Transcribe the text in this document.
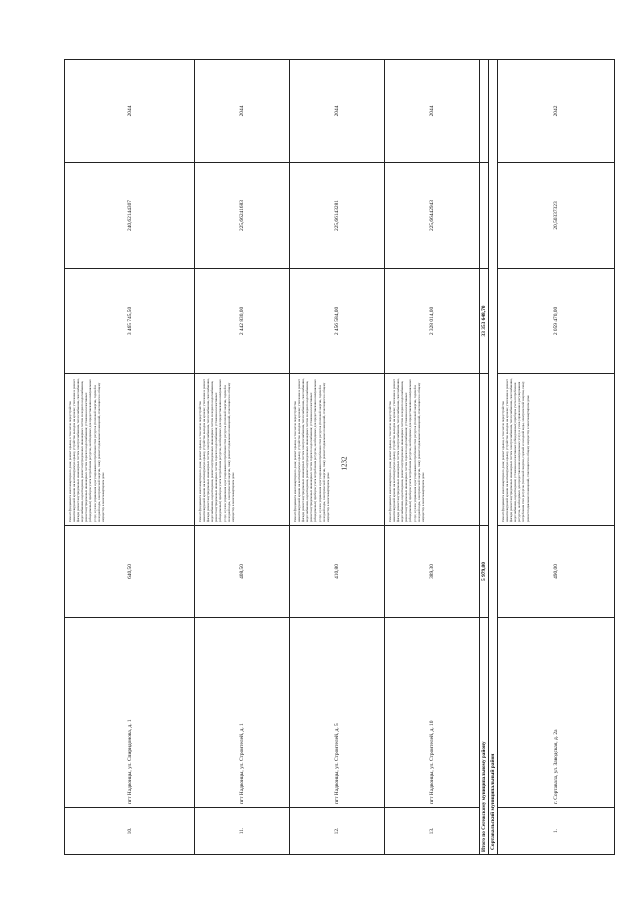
1232
10.	пгт Надвоицы, ул. Спиридонова, д. 1	640,50	Ремонт фундамента многоквартирного дома; ремонт крыши, в том числе переустройство невентилируемой крыши на вентилируемую крышу, устройство выходов на кровлю; утепление и ремонт фасада; ремонт внутридомовых инженерных систем электроснабжения, теплоснабжения, газоснабжения, водоснабжения, водоотведения, ремонт внутридомовых инженерных систем холодного водоснабжения, ремонт внутридомовых инженерных систем горячего водоснабжения; установка коллективных (общедомовых) приборов учета потребления ресурсов, необходимых для предоставления коммунальных услуг, и узлов управления и регулирования потребления этих ресурсов (тепловой энергии, горячей и холодной воды, электрической энергии, газа); ремонт подвальных помещений, относящихся к общему имуществу в многоквартирном доме	3 465 745,50	240,62144307	2044
11.	пгт Надвоицы, ул. Строителей, д. 1	408,50	Ремонт фундамента многоквартирного дома; ремонт крыши, в том числе переустройство невентилируемой крыши на вентилируемую крышу, устройство выходов на кровлю; утепление и ремонт фасада; ремонт внутридомовых инженерных систем электроснабжения, теплоснабжения, газоснабжения, водоснабжения, водоотведения, ремонт внутридомовых инженерных систем холодного водоснабжения, ремонт внутридомовых инженерных систем горячего водоснабжения; установка коллективных (общедомовых) приборов учета потребления ресурсов, необходимых для предоставления коммунальных услуг, и узлов управления и регулирования потребления этих ресурсов (тепловой энергии, горячей и холодной воды, электрической энергии, газа); ремонт подвальных помещений, относящихся к общему имуществу в многоквартирном доме	2 442 830,00	225,66241683	2044
12.	пгт Надвоицы, ул. Строителей, д. 5	410,80	Ремонт фундамента многоквартирного дома; ремонт крыши, в том числе переустройство невентилируемой крыши на вентилируемую крышу, устройство выходов на кровлю; утепление и ремонт фасада; ремонт внутридомовых инженерных систем электроснабжения, теплоснабжения, газоснабжения, водоснабжения, водоотведения, ремонт внутридомовых инженерных систем холодного водоснабжения, ремонт внутридомовых инженерных систем горячего водоснабжения; установка коллективных (общедомовых) приборов учета потребления ресурсов, необходимых для предоставления коммунальных услуг, и узлов управления и регулирования потребления этих ресурсов (тепловой энергии, горячей и холодной воды, электрической энергии, газа); ремонт подвальных помещений, относящихся к общему имуществу в многоквартирном доме	2 456 584,00	225,66143281	2044
13.	пгт Надвоицы, ул. Строителей, д. 10	389,30	Ремонт фундамента многоквартирного дома; ремонт крыши, в том числе переустройство невентилируемой крыши на вентилируемую крышу, устройство выходов на кровлю; утепление и ремонт фасада; ремонт внутридомовых инженерных систем электроснабжения, теплоснабжения, газоснабжения, водоснабжения, водоотведения, ремонт внутридомовых инженерных систем холодного водоснабжения, ремонт внутридомовых инженерных систем горячего водоснабжения; установка коллективных (общедомовых) приборов учета потребления ресурсов, необходимых для предоставления коммунальных услуг, и узлов управления и регулирования потребления этих ресурсов (тепловой энергии, горячей и холодной воды, электрической энергии, газа); ремонт подвальных помещений, относящихся к общему имуществу в многоквартирном доме	2 328 014,00	225,66442943	2044
Итого по Сегежскому муниципальному району		5 979,00		33 353 648,70		
Сортавальский муниципальный район						
1.	г. Сортавала, ул. Заводская, д. 2а	490,00	Ремонт фундамента многоквартирного дома; ремонт крыши, в том числе переустройство невентилируемой крыши на вентилируемую крышу, устройство выходов на кровлю; утепление и ремонт фасада; ремонт внутридомовых инженерных систем электроснабжения, теплоснабжения, газоснабжения, водоснабжения, водоотведения; установка коллективных (общедомовых) приборов учета потребления ресурсов, необходимых для предоставления коммунальных услуг, и узлов управления и регулирования потребления этих ресурсов (тепловой энергии, горячей и холодной воды, электрической энергии, газа); ремонт подвальных помещений, относящихся к общему имуществу в многоквартирном доме	2 059 470,00	20,50337323	2042
